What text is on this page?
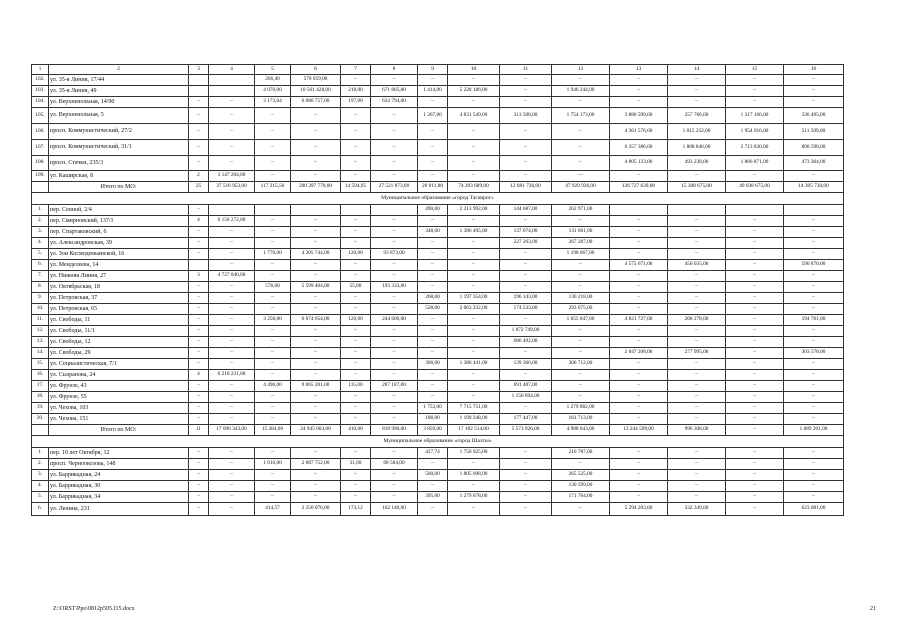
1	2	3	4	5	6	7	8	9	10	11	12	13	14	15	16
102.	ул. 35-я Линия, 17/44			266,40	579 059,00	–	–	–	–	–	–	–	–	–	–
103.	ул. 35-я Линия, 49			4 070,00	10 561 428,00	218,00	671 805,00	1 414,00	5 228 186,00	–	1 946 244,00	–	–	–	–
104.	ул. Верхненольная, 14/90	–	–	3 173,64	6 080 757,00	197,00	632 794,00	–	–	–	–	–	–	–	–
105.	ул. Верхненольная, 5	–	–	–	–	–	–	1 267,00	4 831 549,00	313 508,00	1 754 173,00	3 886 599,00	257 766,00	1 317 166,00	336 495,00
106.	просп. Коммунистический, 27/2	–	–	–	–	–	–	–	–	–	–	4 361 576,00	1 015 232,00	1 954 016,00	511 509,00
107.	просп. Коммунистический, 31/1	–	–	–	–	–	–	–	–	–	–	6 357 386,00	1 808 846,00	2 713 830,00	800 598,00
108.	просп. Стачки, 235/3	–	–	–	–	–	–	–	–	–	–	4 805 133,00	493 238,00	1 866 871,00	473 364,00
109.	ул. Каширская, 8	2	3 147 204,00	–	–	–	–	–	–	–	—	–	–	–	–
	Итого по МО:	25	37 516 953,00	117 215,56	200 397 770,00	14 594,95	27 521 873,00	20 011,80	74 203 689,00	12 681 736,00	47 929 936,00	126 727 639,00	15 308 675,00	49 038 675,00	14 305 730,00
Муниципальное образование «город Таганрог»															
1.	пер. Сенной, 2/4	–						490,00	2 213 992,00	144 687,00	262 971,00				
2.	пер. Смирновский, 137/1	4	6 150 272,00	–	–	–	–	–	–	–	–	–	–	–	–
3.	пер. Спартаковский, 6	–	–	–	–	–	–	348,00	1 386 495,00	137 074,00	131 661,00	–	–	–	–
4.	ул. Александровская, 39	–	–	–	–	–	–	–	–	227 263,00	267 287,00	–	–	–	–
5.	ул. Зои Космодемьянской, 16	–	–	1 770,00	4 205 744,00	120,00	93 873,00	–	–	–	1 198 067,00	–	–	–	–
6.	ул. Менделеева, 14		–	–	–	–	–	–	–	–	–	4 575 671,00	450 035,00	–	590 870,00
7.	ул. Нижняя Линия, 27	3	4 727 840,00	–	–	–	–	–	–	–	–	–	–	–	–
8.	ул. Октябрьская, 18	–	–	576,00	5 599 404,00	55,00	193 333,00	–	–	–	–	–	–	–	–
9.	ул. Петровская, 37	–	–	–	–	–	–	268,00	1 197 354,00	196 143,00	130 218,00	–	–	–	–
10.	ул. Петровская, 65	–	–	–	–	–	–	528,00	2 063 232,00	174 533,00	293 675,00	–	–	–	–
11.	ул. Свободы, 11	–	–	3 258,00	6 074 654,00	120,00	244 600,00	–	–	–	1 055 847,00	4 821 727,00	268 278,00	–	194 761,00
12.	ул. Свободы, 11/1	–	–	–	–	–	–	–	–	1 872 749,00	–	–	–	–	–
13.	ул. Свободы, 12	–	–	–	–	–	–	–	–	686 492,00	–	–	–	–	–
14.	ул. Свободы, 29	–	–	–	–	–	–	–	–	–	–	2 847 208,00	277 995,00	–	303 578,00
15.	ул. Социалистическая, 7/1	–	–	–	–	–	–	306,00	1 386 441,00	139 366,00	306 712,00	–	–	–	–
16.	ул. Сызранова, 24	4	6 218 231,00	–	–	–	–	–	–	–	–	–	–	–	–
17.	ул. Фрунзе, 43	–	–	4 496,00	9 065 201,00	115,00	287 187,00	–	–	691 487,00	–	–	–	–	–
18.	ул. Фрунзе, 55	–	–	–	–	–	–	–	–	1 156 694,00	–	–	–	–	–
19.	ул. Чехова, 103	–	–	–	–	–	–	1 753,00	7 715 751,00	–	1 279 882,00	–	–	–	–
20.	ул. Чехова, 151	–	–	–	–	–	–	186,00	1 199 248,00	177 447,00	161 713,00	–	–	–	–
	Итого по МО:	11	17 096 343,00	15 284,00	24 945 003,00	410,00	818 990,00	3 859,00	17 182 514,00	5 573 926,00	4 988 043,00	12 244 599,00	996 308,00	–	1 089 201,00
Муниципальное образование «город Шахты»															
1.	пер. 10 лет Октября, 12	–	–	–	–	–	–	427,74	1 750 925,00	–	210 787,00	–	–	–	–
2.	просп. Черноокозова, 148	–	–	1 010,00	2 687 752,00	31,60	68 584,00	–	–	–	–	–	–	–	–
3.	ул. Баррикадная, 24	–	–	–	–	–	–	500,00	1 805 098,00	–	265 525,00	–	–	–	–
4.	ул. Баррикадная, 30	–	–	–	–	–	–	–	–	–	130 599,00	–	–	–	–
5.	ул. Баррикадная, 34	–	–	–	–	–	–	395,00	1 279 678,00	–	171 764,00	–	–	–	–
6.	ул. Ленина, 231	–	–	414,57	2 250 076,00	173,12	162 140,00	–	–	–	–	5 294 203,00	332 349,00	–	623 081,00
Z:\ORST\Ppo\0812p505.f15.docx	21
